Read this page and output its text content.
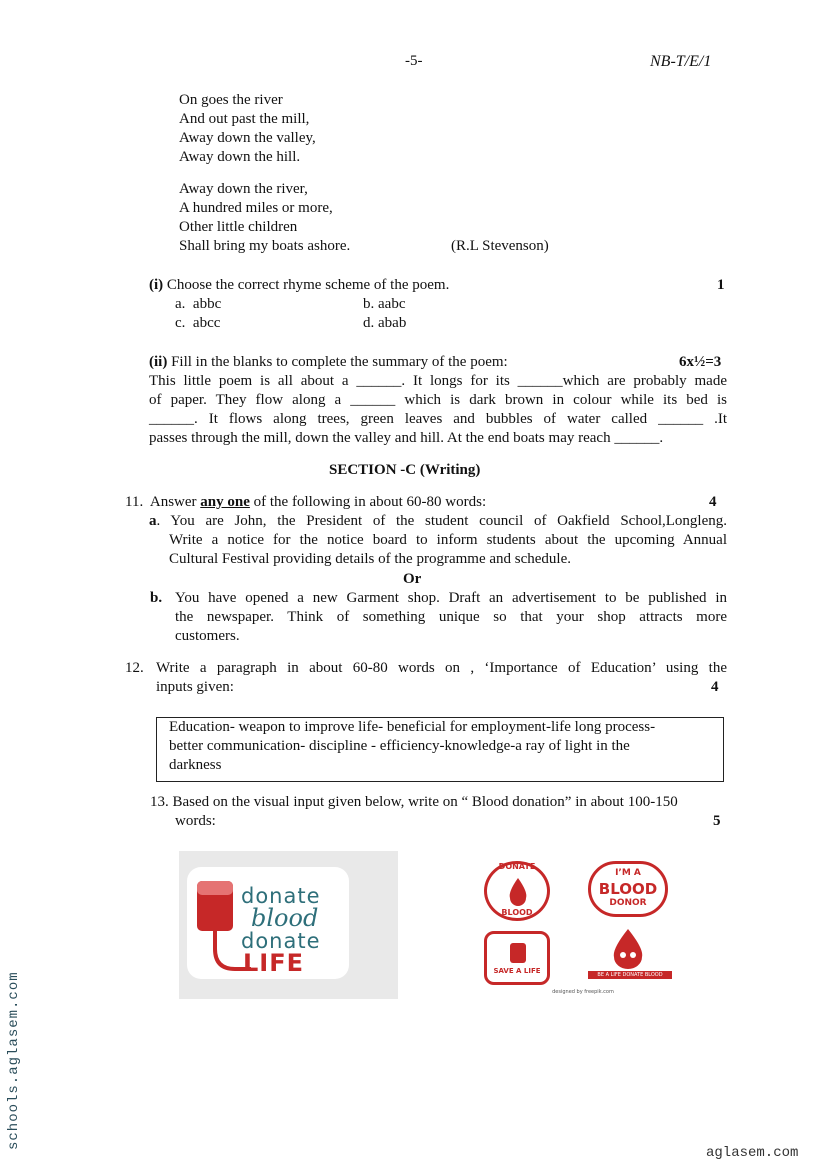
-5-	NB-T/E/1
On goes the river
And out past the mill,
Away down the valley,
Away down the hill.
Away down the river,
A hundred miles or more,
Other little children
Shall bring my boats ashore.	(R.L Stevenson)
(i) Choose the correct rhyme scheme of the poem.	1
a. abbc	b. aabc
c. abcc	d. abab
(ii) Fill in the blanks to complete the summary of the poem:	6x½=3
This little poem is all about a ______. It longs for its ______which are probably made
of paper. They flow along a ______ which is dark brown in colour while its bed is
______. It flows along trees, green leaves and bubbles of water called ______ .It
passes through the mill, down the valley and hill. At the end boats may reach ______.
SECTION -C (Writing)
11. Answer any one of the following in about 60-80 words:	4
a. You are John, the President of the student council of Oakfield School,Longleng.
Write a notice for the notice board to inform students about the upcoming Annual
Cultural Festival providing details of the programme and schedule.
Or
b. You have opened a new Garment shop. Draft an advertisement to be published in
the newspaper. Think of something unique so that your shop attracts more
customers.
12. Write a paragraph in about 60-80 words on , ‘Importance of Education’ using the
inputs given:	4
Education- weapon to improve life- beneficial for employment-life long process-
better communication- discipline - efficiency-knowledge-a ray of light in the
darkness
13. Based on the visual input given below, write on “ Blood donation” in about 100-150
words:	5
donate
blood
donate
LIFE
DONATE
BLOOD
I’M A
BLOOD
DONOR
SAVE A LIFE	BE A LIFE DONATE BLOOD
designed by freepik.com
schools.aglasem.com
aglasem.com
